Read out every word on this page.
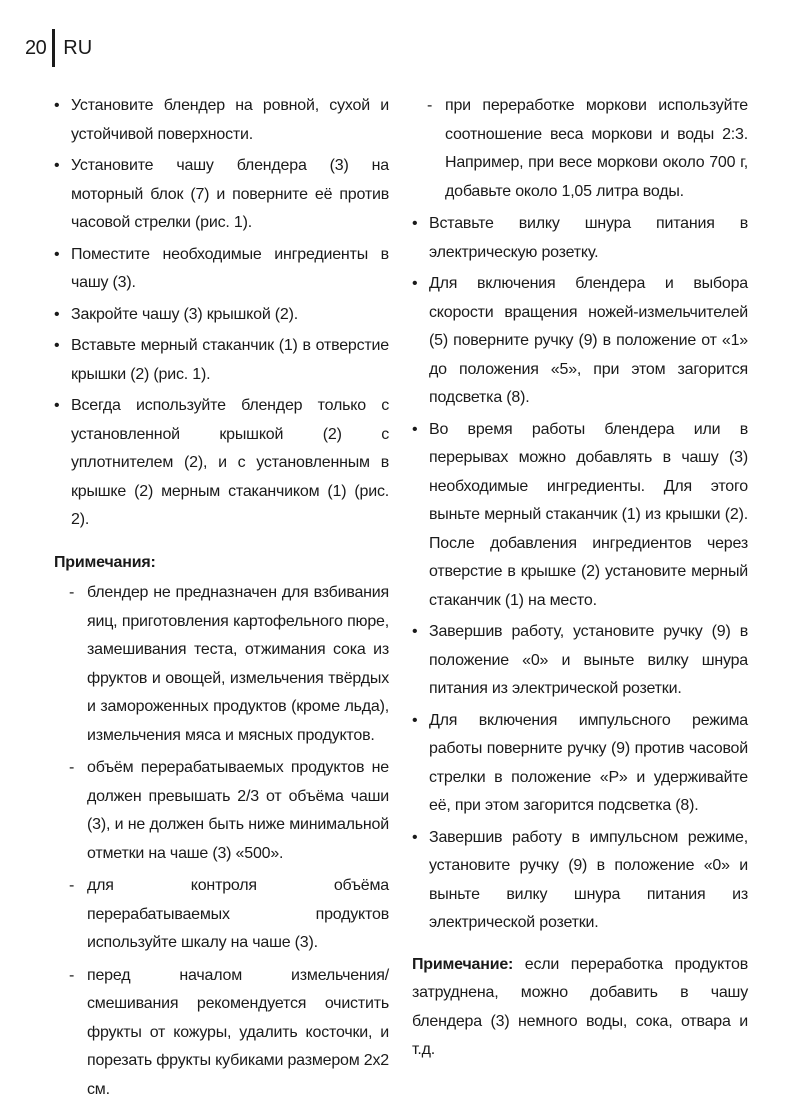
20 RU
• Установите блендер на ровной, сухой и устойчивой поверхности.
• Установите чашу блендера (3) на моторный блок (7) и поверните её против часовой стрелки (рис. 1).
• Поместите необходимые ингредиенты в чашу (3).
• Закройте чашу (3) крышкой (2).
• Вставьте мерный стаканчик (1) в отверстие крышки (2) (рис. 1).
• Всегда используйте блендер только с установленной крышкой (2) с уплотнителем (2), и с установленным в крышке (2) мерным стаканчиком (1) (рис. 2).
Примечания:
- блендер не предназначен для взбивания яиц, приготовления картофельного пюре, замешивания теста, отжимания сока из фруктов и овощей, измельчения твёрдых и замороженных продуктов (кроме льда), измельчения мяса и мясных продуктов.
- объём перерабатываемых продуктов не должен превышать 2/3 от объёма чаши (3), и не должен быть ниже минимальной отметки на чаше (3) «500».
- для контроля объёма перерабатываемых продуктов используйте шкалу на чаше (3).
- перед началом измельчения/смешивания рекомендуется очистить фрукты от кожуры, удалить косточки, и порезать фрукты кубиками размером 2x2 см.
- при переработке моркови используйте соотношение веса моркови и воды 2:3. Например, при весе моркови около 700 г, добавьте около 1,05 литра воды.
• Вставьте вилку шнура питания в электрическую розетку.
• Для включения блендера и выбора скорости вращения ножей-измельчителей (5) поверните ручку (9) в положение от «1» до положения «5», при этом загорится подсветка (8).
• Во время работы блендера или в перерывах можно добавлять в чашу (3) необходимые ингредиенты. Для этого выньте мерный стаканчик (1) из крышки (2). После добавления ингредиентов через отверстие в крышке (2) установите мерный стаканчик (1) на место.
• Завершив работу, установите ручку (9) в положение «0» и выньте вилку шнура питания из электрической розетки.
• Для включения импульсного режима работы поверните ручку (9) против часовой стрелки в положение «P» и удерживайте её, при этом загорится подсветка (8).
• Завершив работу в импульсном режиме, установите ручку (9) в положение «0» и выньте вилку шнура питания из электрической розетки.

Примечание: если переработка продуктов затруднена, можно добавить в чашу блендера (3) немного воды, сока, отвара и т.д.
